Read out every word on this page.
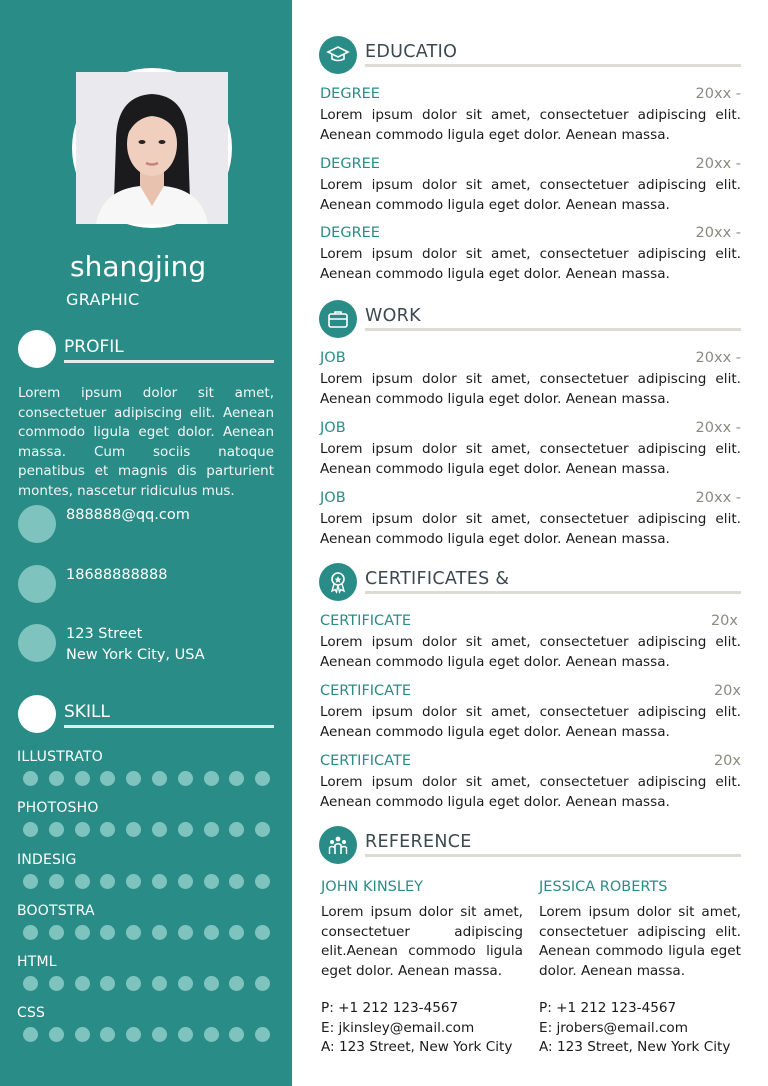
shangjing
GRAPHIC
PROFIL
Lorem ipsum dolor sit amet, consectetuer adipiscing elit. Aenean commodo ligula eget dolor. Aenean massa. Cum sociis natoque penatibus et magnis dis parturient montes, nascetur ridiculus mus.
888888@qq.com
18688888888
123 Street
New York City, USA
SKILL
ILLUSTRATO
PHOTOSHO
INDESIG
BOOTSTRA
HTML
CSS
EDUCATIO
DEGREE	20xx -
Lorem ipsum dolor sit amet, consectetuer adipiscing elit. Aenean commodo ligula eget dolor. Aenean massa.
DEGREE	20xx -
Lorem ipsum dolor sit amet, consectetuer adipiscing elit. Aenean commodo ligula eget dolor. Aenean massa.
DEGREE	20xx -
Lorem ipsum dolor sit amet, consectetuer adipiscing elit. Aenean commodo ligula eget dolor. Aenean massa.
WORK
JOB	20xx -
Lorem ipsum dolor sit amet, consectetuer adipiscing elit. Aenean commodo ligula eget dolor. Aenean massa.
JOB	20xx -
Lorem ipsum dolor sit amet, consectetuer adipiscing elit. Aenean commodo ligula eget dolor. Aenean massa.
JOB	20xx -
Lorem ipsum dolor sit amet, consectetuer adipiscing elit. Aenean commodo ligula eget dolor. Aenean massa.
CERTIFICATES &
CERTIFICATE	20x
Lorem ipsum dolor sit amet, consectetuer adipiscing elit. Aenean commodo ligula eget dolor. Aenean massa.
CERTIFICATE	20x
Lorem ipsum dolor sit amet, consectetuer adipiscing elit. Aenean commodo ligula eget dolor. Aenean massa.
CERTIFICATE	20x
Lorem ipsum dolor sit amet, consectetuer adipiscing elit. Aenean commodo ligula eget dolor. Aenean massa.
REFERENCE
JOHN KINSLEY
Lorem ipsum dolor sit amet, consectetuer adipiscing elit.Aenean commodo ligula eget dolor. Aenean massa.
P: +1 212 123-4567
E: jkinsley@email.com
A: 123 Street, New York City
JESSICA ROBERTS
Lorem ipsum dolor sit amet, consectetuer adipiscing elit. Aenean commodo ligula eget dolor. Aenean massa.
P: +1 212 123-4567
E: jrobers@email.com
A: 123 Street, New York City
